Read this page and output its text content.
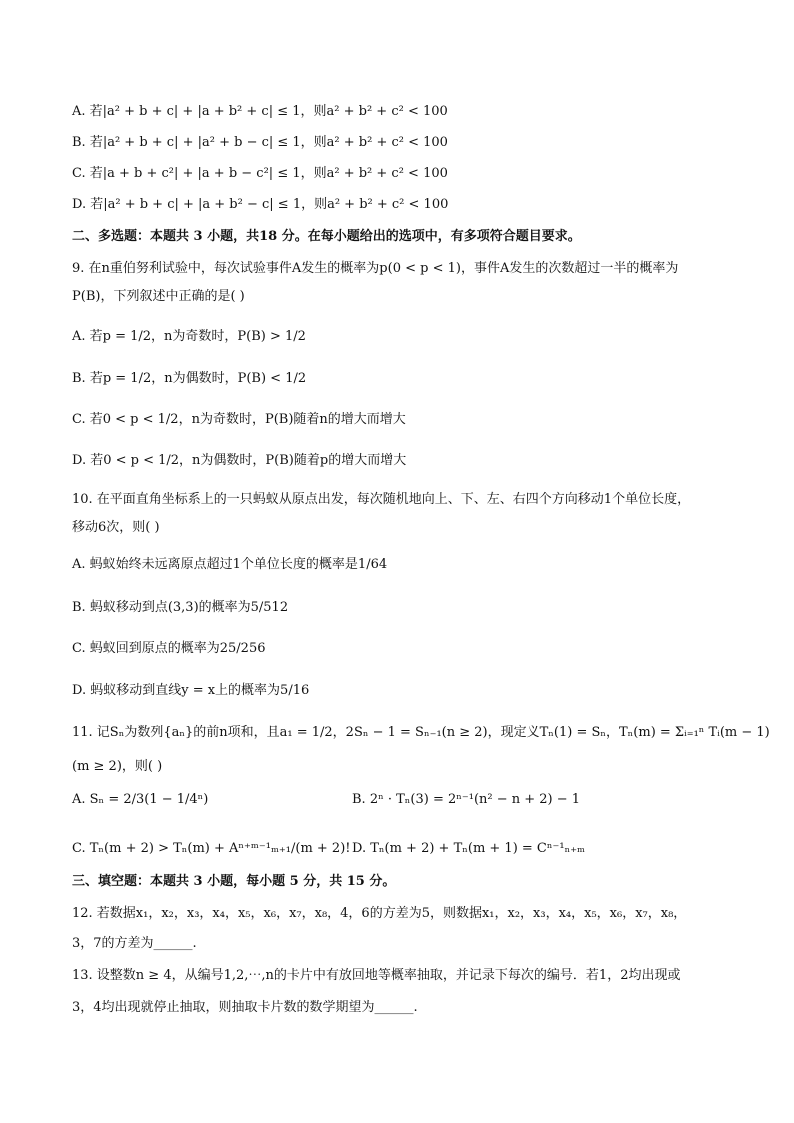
A. 若|a² + b + c| + |a + b² + c| ≤ 1，则a² + b² + c² < 100
B. 若|a² + b + c| + |a² + b − c| ≤ 1，则a² + b² + c² < 100
C. 若|a + b + c²| + |a + b − c²| ≤ 1，则a² + b² + c² < 100
D. 若|a² + b + c| + |a + b² − c| ≤ 1，则a² + b² + c² < 100
二、多选题：本题共 3 小题，共18 分。在每小题给出的选项中，有多项符合题目要求。
9. 在n重伯努利试验中，每次试验事件A发生的概率为p(0 < p < 1)，事件A发生的次数超过一半的概率为
P(B)，下列叙述中正确的是( )
A. 若p = 1/2，n为奇数时，P(B) > 1/2
B. 若p = 1/2，n为偶数时，P(B) < 1/2
C. 若0 < p < 1/2，n为奇数时，P(B)随着n的增大而增大
D. 若0 < p < 1/2，n为偶数时，P(B)随着p的增大而增大
10. 在平面直角坐标系上的一只蚂蚁从原点出发，每次随机地向上、下、左、右四个方向移动1个单位长度，
移动6次，则( )
A. 蚂蚁始终未远离原点超过1个单位长度的概率是1/64
B. 蚂蚁移动到点(3,3)的概率为5/512
C. 蚂蚁回到原点的概率为25/256
D. 蚂蚁移动到直线y = x上的概率为5/16
11. 记Sₙ为数列{aₙ}的前n项和，且a₁ = 1/2，2Sₙ − 1 = Sₙ₋₁(n ≥ 2)，现定义Tₙ(1) = Sₙ，Tₙ(m) = Σᵢ₌₁ⁿ Tᵢ(m − 1)
(m ≥ 2)，则( )
A. Sₙ = 2/3(1 − 1/4ⁿ)	B. 2ⁿ · Tₙ(3) = 2ⁿ⁻¹(n² − n + 2) − 1
C. Tₙ(m + 2) > Tₙ(m) + Aⁿ⁺ᵐ⁻¹ₘ₊₁/(m + 2)! D. Tₙ(m + 2) + Tₙ(m + 1) = Cⁿ⁻¹ₙ₊ₘ
三、填空题：本题共 3 小题，每小题 5 分，共 15 分。
12. 若数据x₁，x₂，x₃，x₄，x₅，x₆，x₇，x₈，4，6的方差为5，则数据x₁，x₂，x₃，x₄，x₅，x₆，x₇，x₈，
3，7的方差为______.
13. 设整数n ≥ 4，从编号1,2,⋯,n的卡片中有放回地等概率抽取，并记录下每次的编号．若1，2均出现或
3，4均出现就停止抽取，则抽取卡片数的数学期望为______.
